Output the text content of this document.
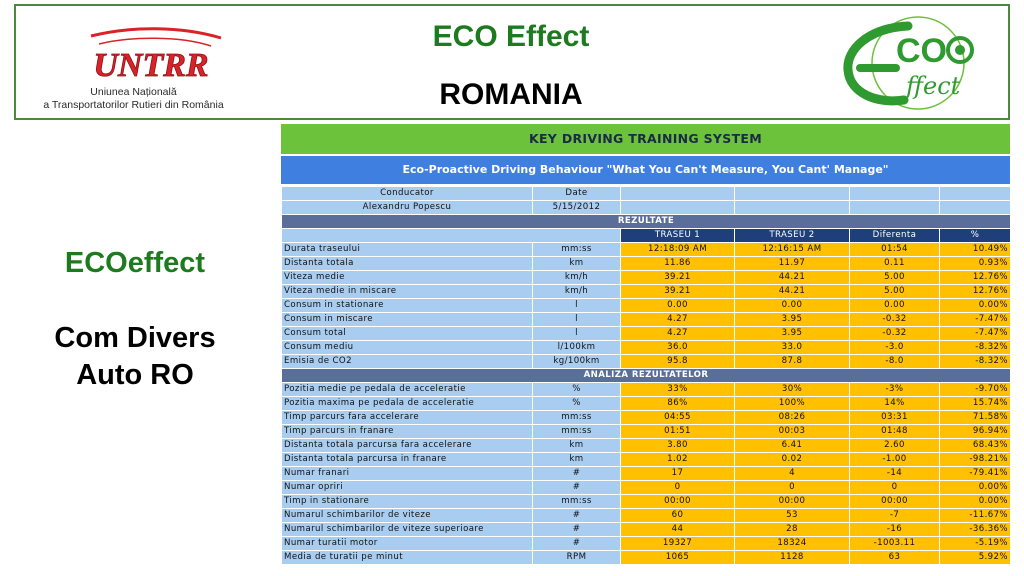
UNTRR
Uniunea Națională
a Transportatorilor Rutieri din România
ECO Effect
ROMANIA
CO
ffect
ECOeffect
Com Divers
Auto RO
KEY DRIVING TRAINING SYSTEM
Eco-Proactive Driving Behaviour "What You Can't Measure, You Cant' Manage"
Conducator	Date				
Alexandru Popescu	5/15/2012				
REZULTATE					
		TRASEU 1	TRASEU 2	Diferenta	%
Durata traseului	mm:ss	12:18:09 AM	12:16:15 AM	01:54	10.49%
Distanta totala	km	11.86	11.97	0.11	0.93%
Viteza medie	km/h	39.21	44.21	5.00	12.76%
Viteza medie in miscare	km/h	39.21	44.21	5.00	12.76%
Consum in stationare	l	0.00	0.00	0.00	0.00%
Consum in miscare	l	4.27	3.95	-0.32	-7.47%
Consum total	l	4.27	3.95	-0.32	-7.47%
Consum mediu	l/100km	36.0	33.0	-3.0	-8.32%
Emisia de CO2	kg/100km	95.8	87.8	-8.0	-8.32%
ANALIZA REZULTATELOR					
Pozitia medie pe pedala de acceleratie	%	33%	30%	-3%	-9.70%
Pozitia maxima pe pedala de acceleratie	%	86%	100%	14%	15.74%
Timp parcurs fara accelerare	mm:ss	04:55	08:26	03:31	71.58%
Timp parcurs in franare	mm:ss	01:51	00:03	01:48	96.94%
Distanta totala parcursa fara accelerare	km	3.80	6.41	2.60	68.43%
Distanta totala parcursa in franare	km	1.02	0.02	-1.00	-98.21%
Numar franari	#	17	4	-14	-79.41%
Numar opriri	#	0	0	0	0.00%
Timp in stationare	mm:ss	00:00	00:00	00:00	0.00%
Numarul schimbarilor de viteze	#	60	53	-7	-11.67%
Numarul schimbarilor de viteze superioare	#	44	28	-16	-36.36%
Numar turatii motor	#	19327	18324	-1003.11	-5.19%
Media de turatii pe minut	RPM	1065	1128	63	5.92%
